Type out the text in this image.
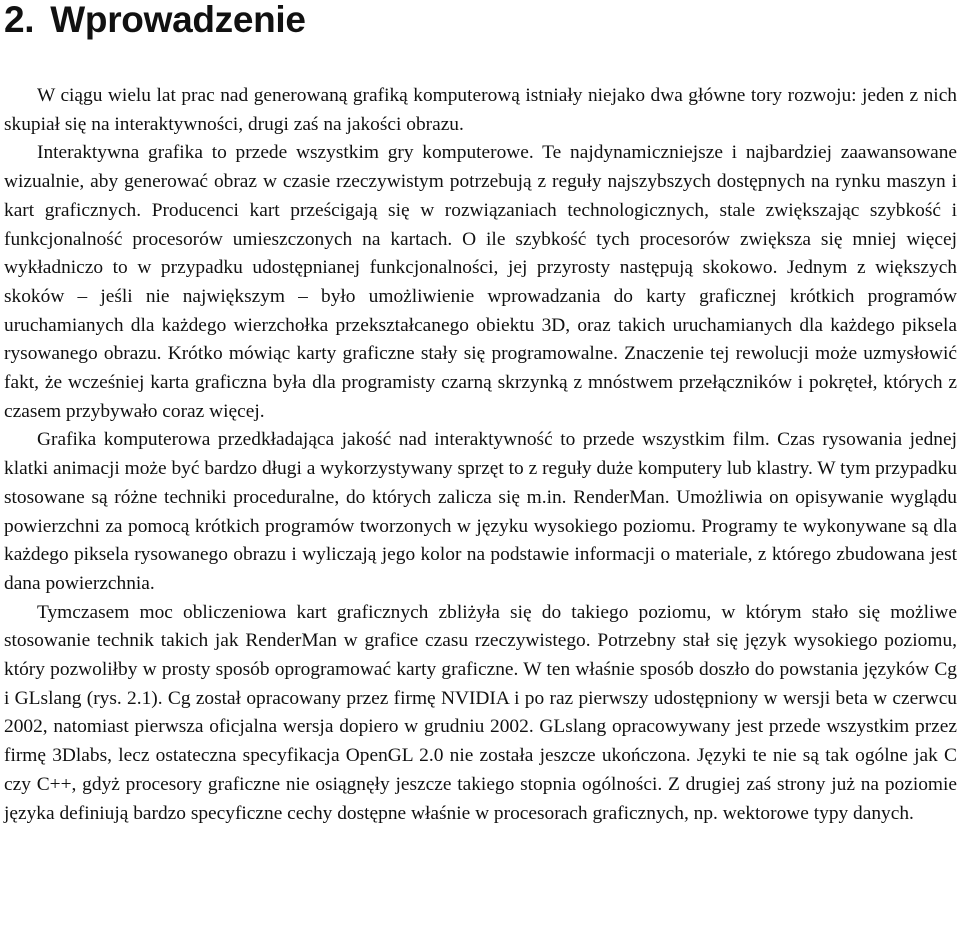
2. Wprowadzenie

W ciągu wielu lat prac nad generowaną grafiką komputerową istniały niejako dwa główne tory rozwoju: jeden z nich skupiał się na interaktywności, drugi zaś na jakości obrazu.

Interaktywna grafika to przede wszystkim gry komputerowe. Te najdynamiczniejsze i najbardziej zaawansowane wizualnie, aby generować obraz w czasie rzeczywistym potrzebują z reguły najszybszych dostępnych na rynku maszyn i kart graficznych. Producenci kart prześcigają się w rozwiązaniach technologicznych, stale zwiększając szybkość i funkcjonalność procesorów umieszczonych na kartach. O ile szybkość tych procesorów zwiększa się mniej więcej wykładniczo to w przypadku udostępnianej funkcjonalności, jej przyrosty następują skokowo. Jednym z większych skoków – jeśli nie największym – było umożliwienie wprowadzania do karty graficznej krótkich programów uruchamianych dla każdego wierzchołka przekształcanego obiektu 3D, oraz takich uruchamianych dla każdego piksela rysowanego obrazu. Krótko mówiąc karty graficzne stały się programowalne. Znaczenie tej rewolucji może uzmysłowić fakt, że wcześniej karta graficzna była dla programisty czarną skrzynką z mnóstwem przełączników i pokręteł, których z czasem przybywało coraz więcej.

Grafika komputerowa przedkładająca jakość nad interaktywność to przede wszystkim film. Czas rysowania jednej klatki animacji może być bardzo długi a wykorzystywany sprzęt to z reguły duże komputery lub klastry. W tym przypadku stosowane są różne techniki proceduralne, do których zalicza się m.in. RenderMan. Umożliwia on opisywanie wyglądu powierzchni za pomocą krótkich programów tworzonych w języku wysokiego poziomu. Programy te wykonywane są dla każdego piksela rysowanego obrazu i wyliczają jego kolor na podstawie informacji o materiale, z którego zbudowana jest dana powierzchnia.

Tymczasem moc obliczeniowa kart graficznych zbliżyła się do takiego poziomu, w którym stało się możliwe stosowanie technik takich jak RenderMan w grafice czasu rzeczywistego. Potrzebny stał się język wysokiego poziomu, który pozwoliłby w prosty sposób oprogramować karty graficzne. W ten właśnie sposób doszło do powstania języków Cg i GLslang (rys. 2.1). Cg został opracowany przez firmę NVIDIA i po raz pierwszy udostępniony w wersji beta w czerwcu 2002, natomiast pierwsza oficjalna wersja dopiero w grudniu 2002. GLslang opracowywany jest przede wszystkim przez firmę 3Dlabs, lecz ostateczna specyfikacja OpenGL 2.0 nie została jeszcze ukończona. Języki te nie są tak ogólne jak C czy C++, gdyż procesory graficzne nie osiągnęły jeszcze takiego stopnia ogólności. Z drugiej zaś strony już na poziomie języka definiują bardzo specyficzne cechy dostępne właśnie w procesorach graficznych, np. wektorowe typy danych.
